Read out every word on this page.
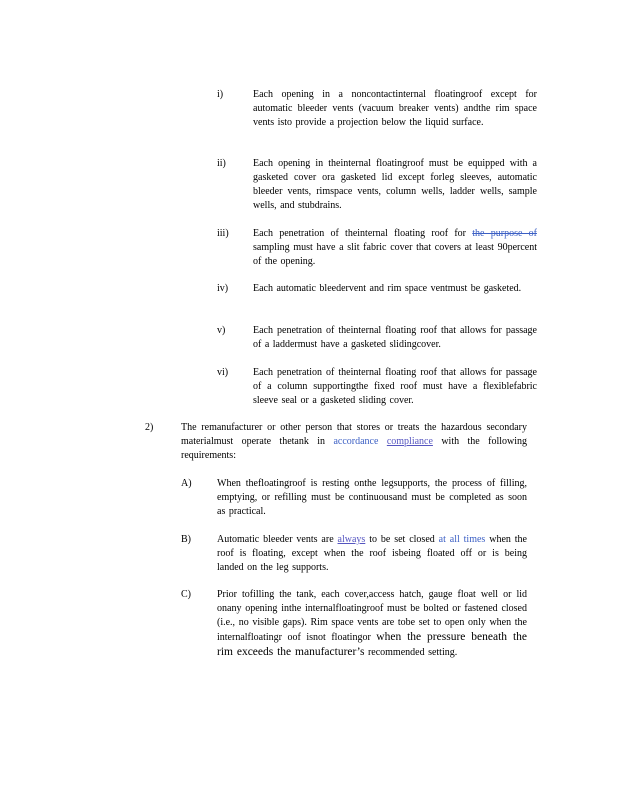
i)	Each opening in a noncontactinternal floatingroof except for automatic bleeder vents (vacuum breaker vents) andthe rim space vents isto provide a projection below the liquid surface.
ii)	Each opening in theinternal floatingroof must be equipped with a gasketed cover ora gasketed lid except forleg sleeves, automatic bleeder vents, rimspace vents, column wells, ladder wells, sample wells, and stubdrains.
iii) Each penetration of theinternal floating roof for the purpose of sampling must have a slit fabric cover that covers at least 90percent of the opening.
iv) Each automatic bleedervent and rim space ventmust be gasketed.
v)	Each penetration of theinternal floating roof that allows for passage of a laddermust have a gasketed slidingcover.
vi) Each penetration of theinternal floating roof that allows for passage of a column supportingthe fixed roof must have a flexiblefabric sleeve seal or a gasketed sliding cover.
2)	The remanufacturer or other person that stores or treats the hazardous secondary materialmust operate thetank in accordance compliance with the following requirements:
A)	When thefloatingroof is resting onthe legsupports, the process of filling, emptying, or refilling must be continuousand must be completed as soon as practical.
B)	Automatic bleeder vents are always to be set closed at all times when the roof is floating, except when the roof isbeing floated off or is being landed on the leg supports.
C)	Prior tofilling the tank, each cover,access hatch, gauge float well or lid onany opening inthe internalfloatingroof must be bolted or fastened closed (i.e., no visible gaps). Rim space vents are tobe set to open only when the internalfloatingr oof isnot floatingor when the pressure beneath the rim exceeds the manufacturer’s recommended setting.
